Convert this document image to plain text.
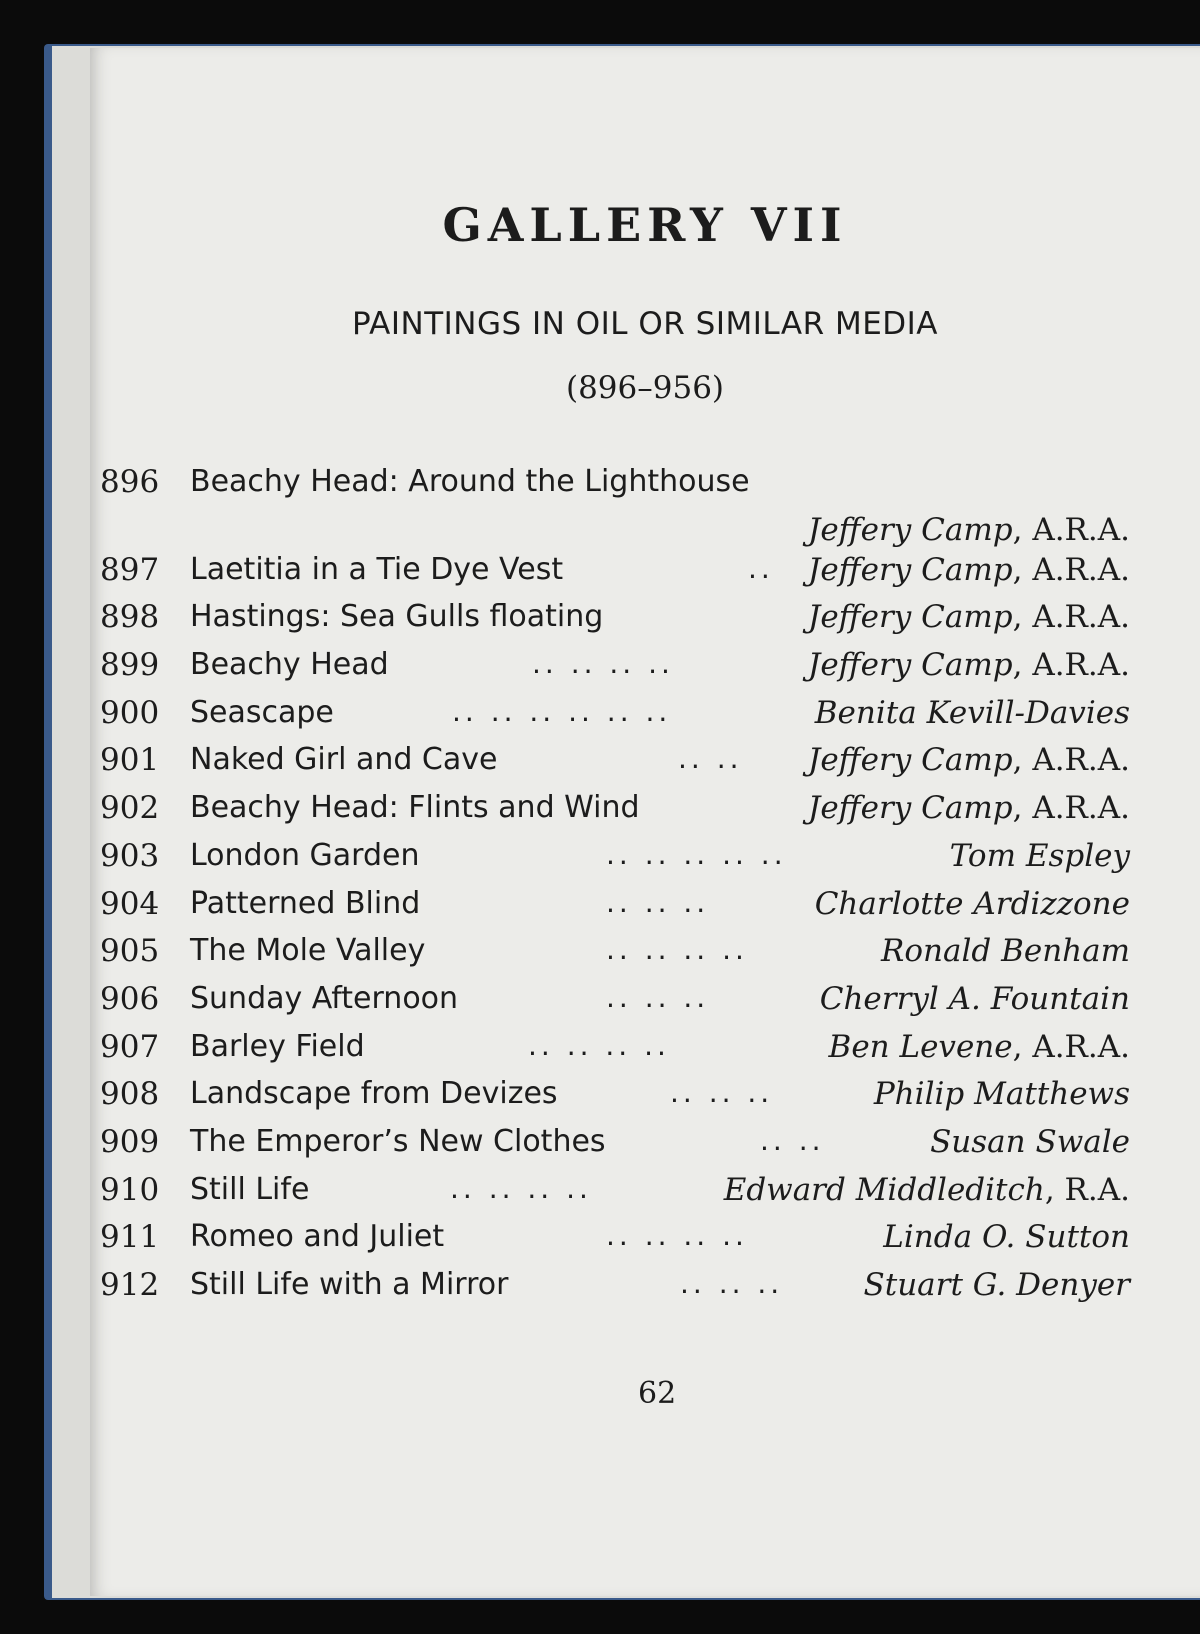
GALLERY VII
PAINTINGS IN OIL OR SIMILAR MEDIA
(896–956)
896 Beachy Head: Around the Lighthouse
Jeffery Camp, A.R.A.
897 Laetitia in a Tie Dye Vest	.. Jeffery Camp, A.R.A.
898 Hastings: Sea Gulls floating	Jeffery Camp, A.R.A.
899 Beachy Head	.. .. .. ..	Jeffery Camp, A.R.A.
900 Seascape	.. .. .. .. .. ..	Benita Kevill-Davies
901 Naked Girl and Cave	.. .. Jeffery Camp, A.R.A.
902 Beachy Head: Flints and Wind	Jeffery Camp, A.R.A.
903 London Garden	.. .. .. .. ..	Tom Espley
904 Patterned Blind	.. .. ..	Charlotte Ardizzone
905 The Mole Valley	.. .. .. ..	Ronald Benham
906 Sunday Afternoon	.. .. ..	Cherryl A. Fountain
907 Barley Field	.. .. .. ..	Ben Levene, A.R.A.
908 Landscape from Devizes	.. .. ..	Philip Matthews
909 The Emperor’s New Clothes	.. ..	Susan Swale
910 Still Life	.. .. .. ..	Edward Middleditch, R.A.
911 Romeo and Juliet	.. .. .. ..	Linda O. Sutton
912 Still Life with a Mirror	.. .. ..	Stuart G. Denyer
62
